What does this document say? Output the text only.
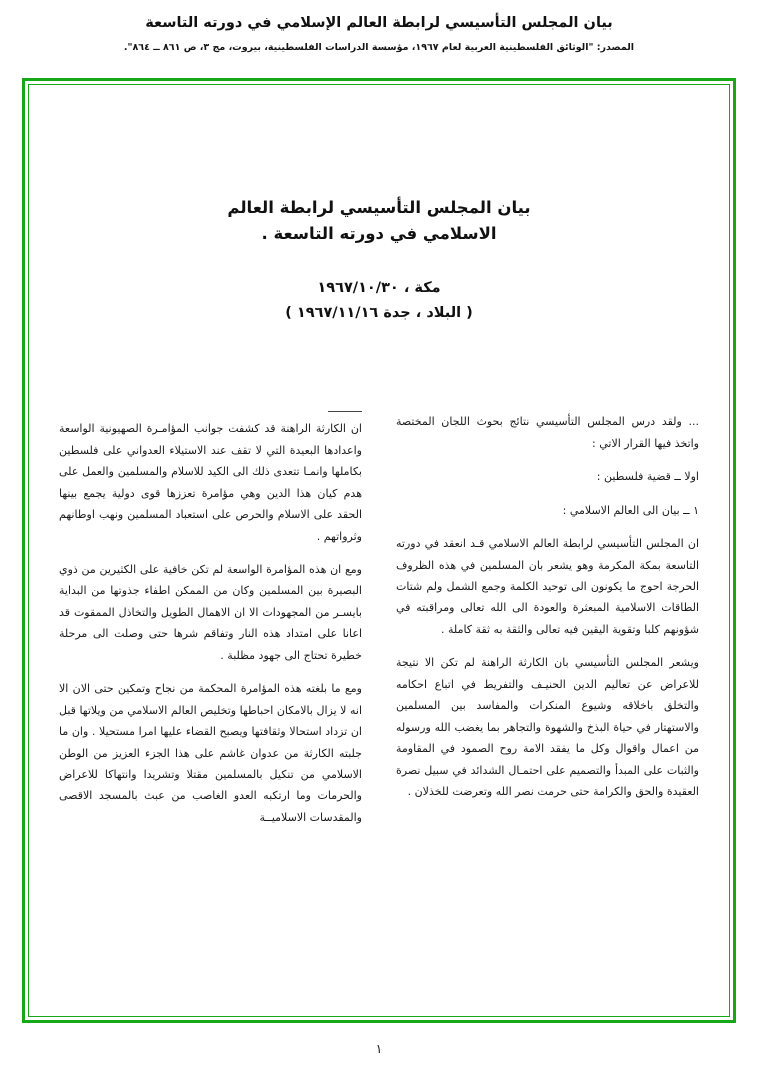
بيان المجلس التأسيسي لرابطة العالم الإسلامي في دورته التاسعة
المصدر: "الوثائق الفلسطينية العربية لعام ١٩٦٧، مؤسسة الدراسات الفلسطينية، بيروت، مج ٣، ص ٨٦١ ــ ٨٦٤".
بيان المجلس التأسيسي لرابطة العالم
الاسلامي في دورته التاسعة .
مكة ، ١٩٦٧/١٠/٣٠
( البلاد ، جدة ١٩٦٧/١١/١٦ )

... ولقد درس المجلس التأسيسي نتائج بحوث اللجان المختصة واتخذ فيها القرار الاتي :

اولا ــ قضية فلسطين :

١ ــ بيان الى العالم الاسلامي :

ان المجلس التأسيسي لرابطة العالم الاسلامي قـد انعقد في دورته التاسعة بمكة المكرمة وهو يشعر بان المسلمين في هذه الظروف الحرجة احوج ما يكونون الى توحيد الكلمة وجمع الشمل ولم شتات الطاقات الاسلامية المبعثرة والعودة الى الله تعالى ومراقبته في شؤونهم كلبا وتقوية اليقين فيه تعالى والثقة به ثقة كاملة .

ويشعر المجلس التأسيسي بان الكارثة الراهنة لم تكن الا نتيجة للاعراض عن تعاليم الدين الحنيـف والتفريط في اتباع احكامه والتخلق باخلاقه وشيوع المنكرات والمفاسد بين المسلمين والاستهتار في حياة البذخ والشهوة والتجاهر بما يغضب الله ورسوله من اعمال واقوال وكل ما يفقد الامة روح الصمود في المقاومة والثبات على المبدأ والتصميم على احتمـال الشدائد في سبيل نصرة العقيدة والحق والكرامة حتى حرمت نصر الله وتعرضت للخذلان .

ان الكارثة الراهنة قد كشفت جوانب المؤامـرة الصهيونية الواسعة واعدادها البعيدة التي لا تقف عند الاستيلاء العدواني على فلسطين بكاملها وانمـا تتعدى ذلك الى الكيد للاسلام والمسلمين والعمل على هدم كيان هذا الدين وهي مؤامرة تعززها قوى دولية يجمع بينها الحقد على الاسلام والحرص على استعباد المسلمين ونهب اوطانهم وثرواتهم .

ومع ان هذه المؤامرة الواسعة لم تكن خافية على الكثيرين من ذوي البصيرة بين المسلمين وكان من الممكن اطفاء جذوتها من البداية بايسـر من المجهودات الا ان الاهمال الطويل والتخاذل الممقوت قد اعانا على امتداد هذه النار وتفاقم شرها حتى وصلت الى مرحلة خطيرة تحتاج الى جهود مظلبة .

ومع ما بلغته هذه المؤامرة المحكمة من نجاح وتمكين حتى الان الا انه لا يزال بالامكان احباطها وتخليص العالم الاسلامي من ويلاتها قبل ان تزداد استحالا وثقافتها ويصبح القضاء عليها امرا مستحيلا . وان ما جلبته الكارثة من عدوان غاشم على هذا الجزء العزيز من الوطن الاسلامي من تنكيل بالمسلمين مقتلا وتشريدا وانتهاكا للاعراض والحرمات وما ارتكبه العدو الغاصب من عبث بالمسجد الاقصى والمقدسات الاسلاميــة

١
